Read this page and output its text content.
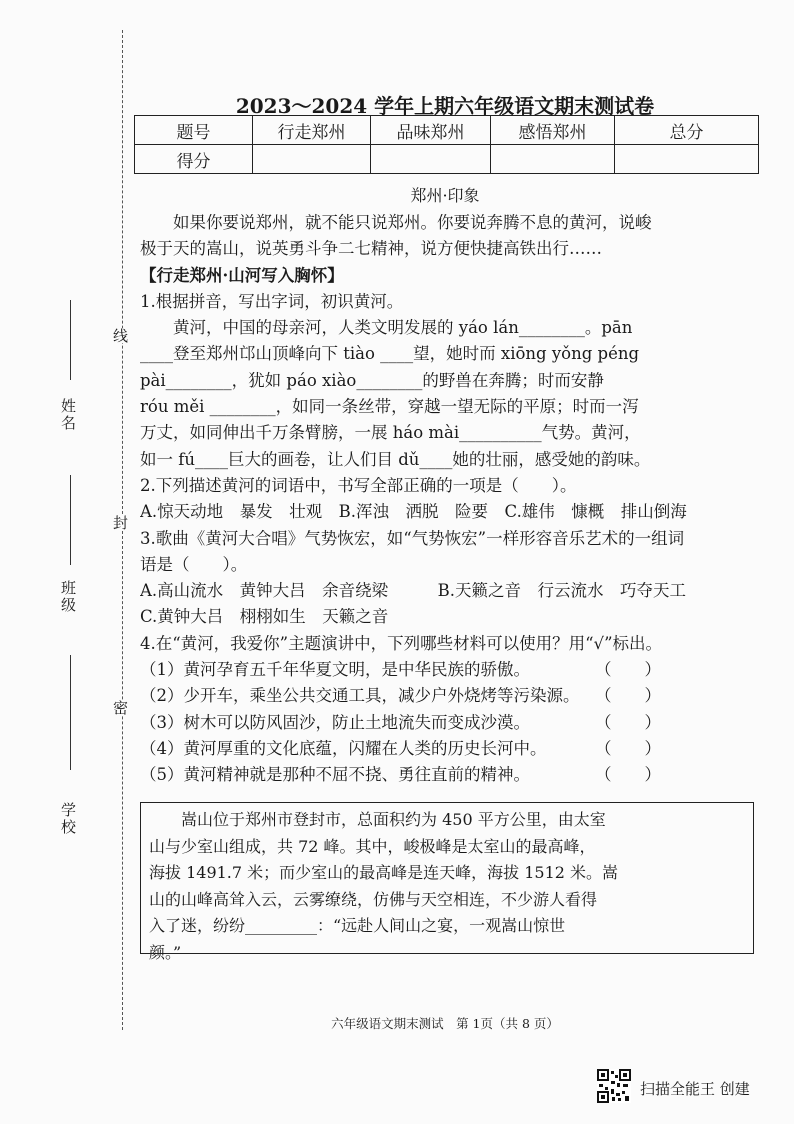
线
封
密
姓名
班级
学校
2023～2024 学年上期六年级语文期末测试卷
题号	行走郑州	品味郑州	感悟郑州	总分
得分				
郑州·印象

如果你要说郑州，就不能只说郑州。你要说奔腾不息的黄河，说峻

极于天的嵩山，说英勇斗争二七精神，说方便快捷高铁出行……

【行走郑州·山河写入胸怀】

1.根据拼音，写出字词，初识黄河。

黄河，中国的母亲河，人类文明发展的 yáo lán________。pān

____登至郑州邙山顶峰向下 tiào ____望，她时而 xiōng yǒng péng

pài________，犹如 páo xiào________的野兽在奔腾；时而安静

róu měi ________，如同一条丝带，穿越一望无际的平原；时而一泻

万丈，如同伸出千万条臂膀，一展 háo mài__________气势。黄河，

如一 fú____巨大的画卷，让人们目 dǔ____她的壮丽，感受她的韵味。

2.下列描述黄河的词语中，书写全部正确的一项是（　　）。

A.惊天动地　暴发　壮观　B.浑浊　洒脱　险要　C.雄伟　慷概　排山倒海

3.歌曲《黄河大合唱》气势恢宏，如“气势恢宏”一样形容音乐艺术的一组词

语是（　　）。

A.高山流水　黄钟大吕　余音绕梁　　　B.天籁之音　行云流水　巧夺天工

C.黄钟大吕　栩栩如生　天籁之音

4.在“黄河，我爱你”主题演讲中，下列哪些材料可以使用？用“√”标出。

（1）黄河孕育五千年华夏文明，是中华民族的骄傲。	（　　）

（2）少开车，乘坐公共交通工具，减少户外烧烤等污染源。 （　　）

（3）树木可以防风固沙，防止土地流失而变成沙漠。	（　　）

（4）黄河厚重的文化底蕴，闪耀在人类的历史长河中。	（　　）

（5）黄河精神就是那种不屈不挠、勇往直前的精神。	（　　）

嵩山位于郑州市登封市，总面积约为 450 平方公里，由太室

山与少室山组成，共 72 峰。其中，峻极峰是太室山的最高峰，

海拔 1491.7 米；而少室山的最高峰是连天峰，海拔 1512 米。嵩

山的山峰高耸入云，云雾缭绕，仿佛与天空相连，不少游人看得

入了迷，纷纷_________：“远赴人间山之宴，一观嵩山惊世

颜。”

六年级语文期末测试　第 1页（共 8 页）
扫描全能王 创建
